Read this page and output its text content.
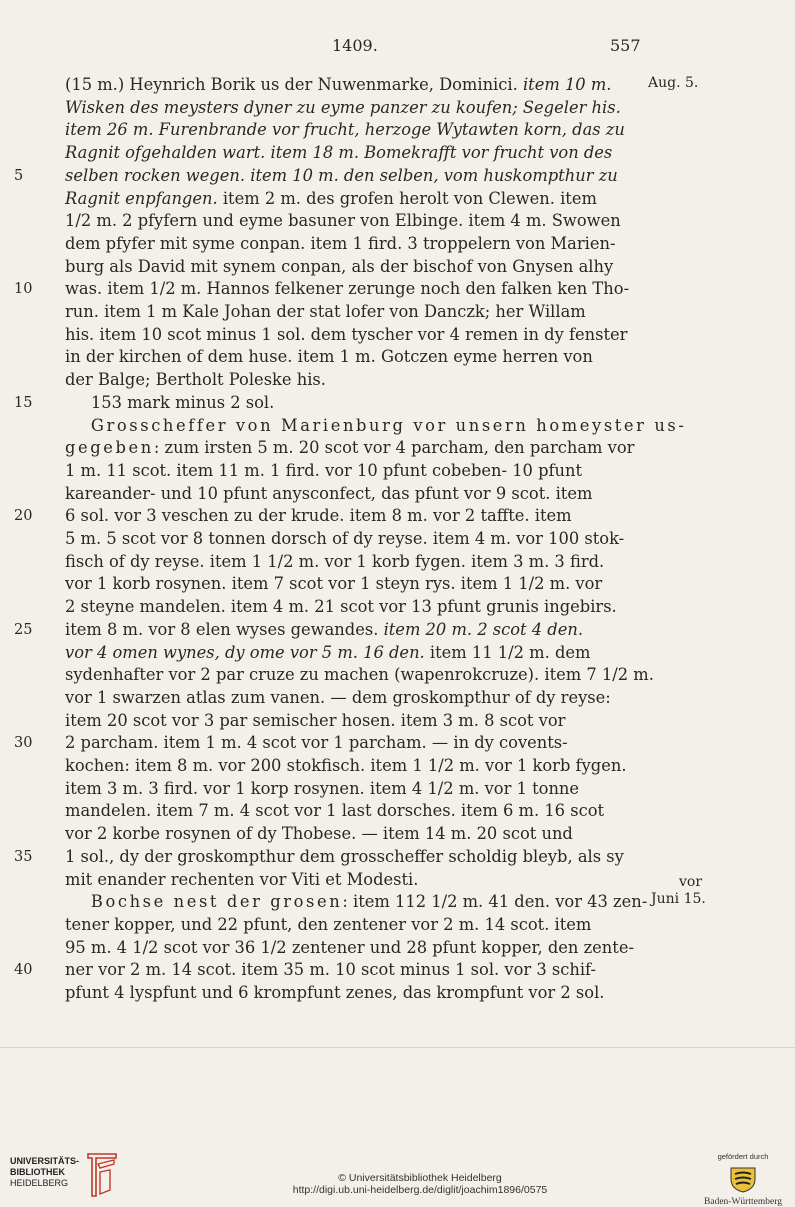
1409.	557
(15 m.) Heynrich Borik us der Nuwenmarke, Dominici. item 10 m.
Wisken des meysters dyner zu eyme panzer zu koufen; Segeler his.
item 26 m. Furenbrande vor frucht, herzoge Wytawten korn, das zu
Ragnit ofgehalden wart. item 18 m. Bomekrafft vor frucht von des
selben rocken wegen. item 10 m. den selben, vom huskompthur zu
Ragnit enpfangen. item 2 m. des grofen herolt von Clewen. item
1/2 m. 2 pfyfern und eyme basuner von Elbinge. item 4 m. Swowen
dem pfyfer mit syme conpan. item 1 fird. 3 troppelern von Marien-
burg als David mit synem conpan, als der bischof von Gnysen alhy
was. item 1/2 m. Hannos felkener zerunge noch den falken ken Tho-
run. item 1 m Kale Johan der stat lofer von Danczk; her Willam
his. item 10 scot minus 1 sol. dem tyscher vor 4 remen in dy fenster
in der kirchen of dem huse. item 1 m. Gotczen eyme herren von
der Balge; Bertholt Poleske his.
153 mark minus 2 sol.
Grosscheffer von Marienburg vor unsern homeyster us-
gegeben: zum irsten 5 m. 20 scot vor 4 parcham, den parcham vor
1 m. 11 scot. item 11 m. 1 fird. vor 10 pfunt cobeben- 10 pfunt
kareander- und 10 pfunt anysconfect, das pfunt vor 9 scot. item
6 sol. vor 3 veschen zu der krude. item 8 m. vor 2 taffte. item
5 m. 5 scot vor 8 tonnen dorsch of dy reyse. item 4 m. vor 100 stok-
fisch of dy reyse. item 1 1/2 m. vor 1 korb fygen. item 3 m. 3 fird.
vor 1 korb rosynen. item 7 scot vor 1 steyn rys. item 1 1/2 m. vor
2 steyne mandelen. item 4 m. 21 scot vor 13 pfunt grunis ingebirs.
item 8 m. vor 8 elen wyses gewandes. item 20 m. 2 scot 4 den.
vor 4 omen wynes, dy ome vor 5 m. 16 den. item 11 1/2 m. dem
sydenhafter vor 2 par cruze zu machen (wapenrokcruze). item 7 1/2 m.
vor 1 swarzen atlas zum vanen. — dem groskompthur of dy reyse:
item 20 scot vor 3 par semischer hosen. item 3 m. 8 scot vor
2 parcham. item 1 m. 4 scot vor 1 parcham. — in dy covents-
kochen: item 8 m. vor 200 stokfisch. item 1 1/2 m. vor 1 korb fygen.
item 3 m. 3 fird. vor 1 korp rosynen. item 4 1/2 m. vor 1 tonne
mandelen. item 7 m. 4 scot vor 1 last dorsches. item 6 m. 16 scot
vor 2 korbe rosynen of dy Thobese. — item 14 m. 20 scot und
1 sol., dy der groskompthur dem grosscheffer scholdig bleyb, als sy
mit enander rechenten vor Viti et Modesti.
Bochse nest der grosen: item 112 1/2 m. 41 den. vor 43 zen-
tener kopper, und 22 pfunt, den zentener vor 2 m. 14 scot. item
95 m. 4 1/2 scot vor 36 1/2 zentener und 28 pfunt kopper, den zente-
ner vor 2 m. 14 scot. item 35 m. 10 scot minus 1 sol. vor 3 schif-
pfunt 4 lyspfunt und 6 krompfunt zenes, das krompfunt vor 2 sol.
5
10
15
20
25
30
35
40
Aug. 5.
vor
Juni 15.
UNIVERSITÄTS-
BIBLIOTHEK
HEIDELBERG	© Universitätsbibliothek Heidelberg
http://digi.ub.uni-heidelberg.de/diglit/joachim1896/0575
gefördert durch
Baden-Württemberg
